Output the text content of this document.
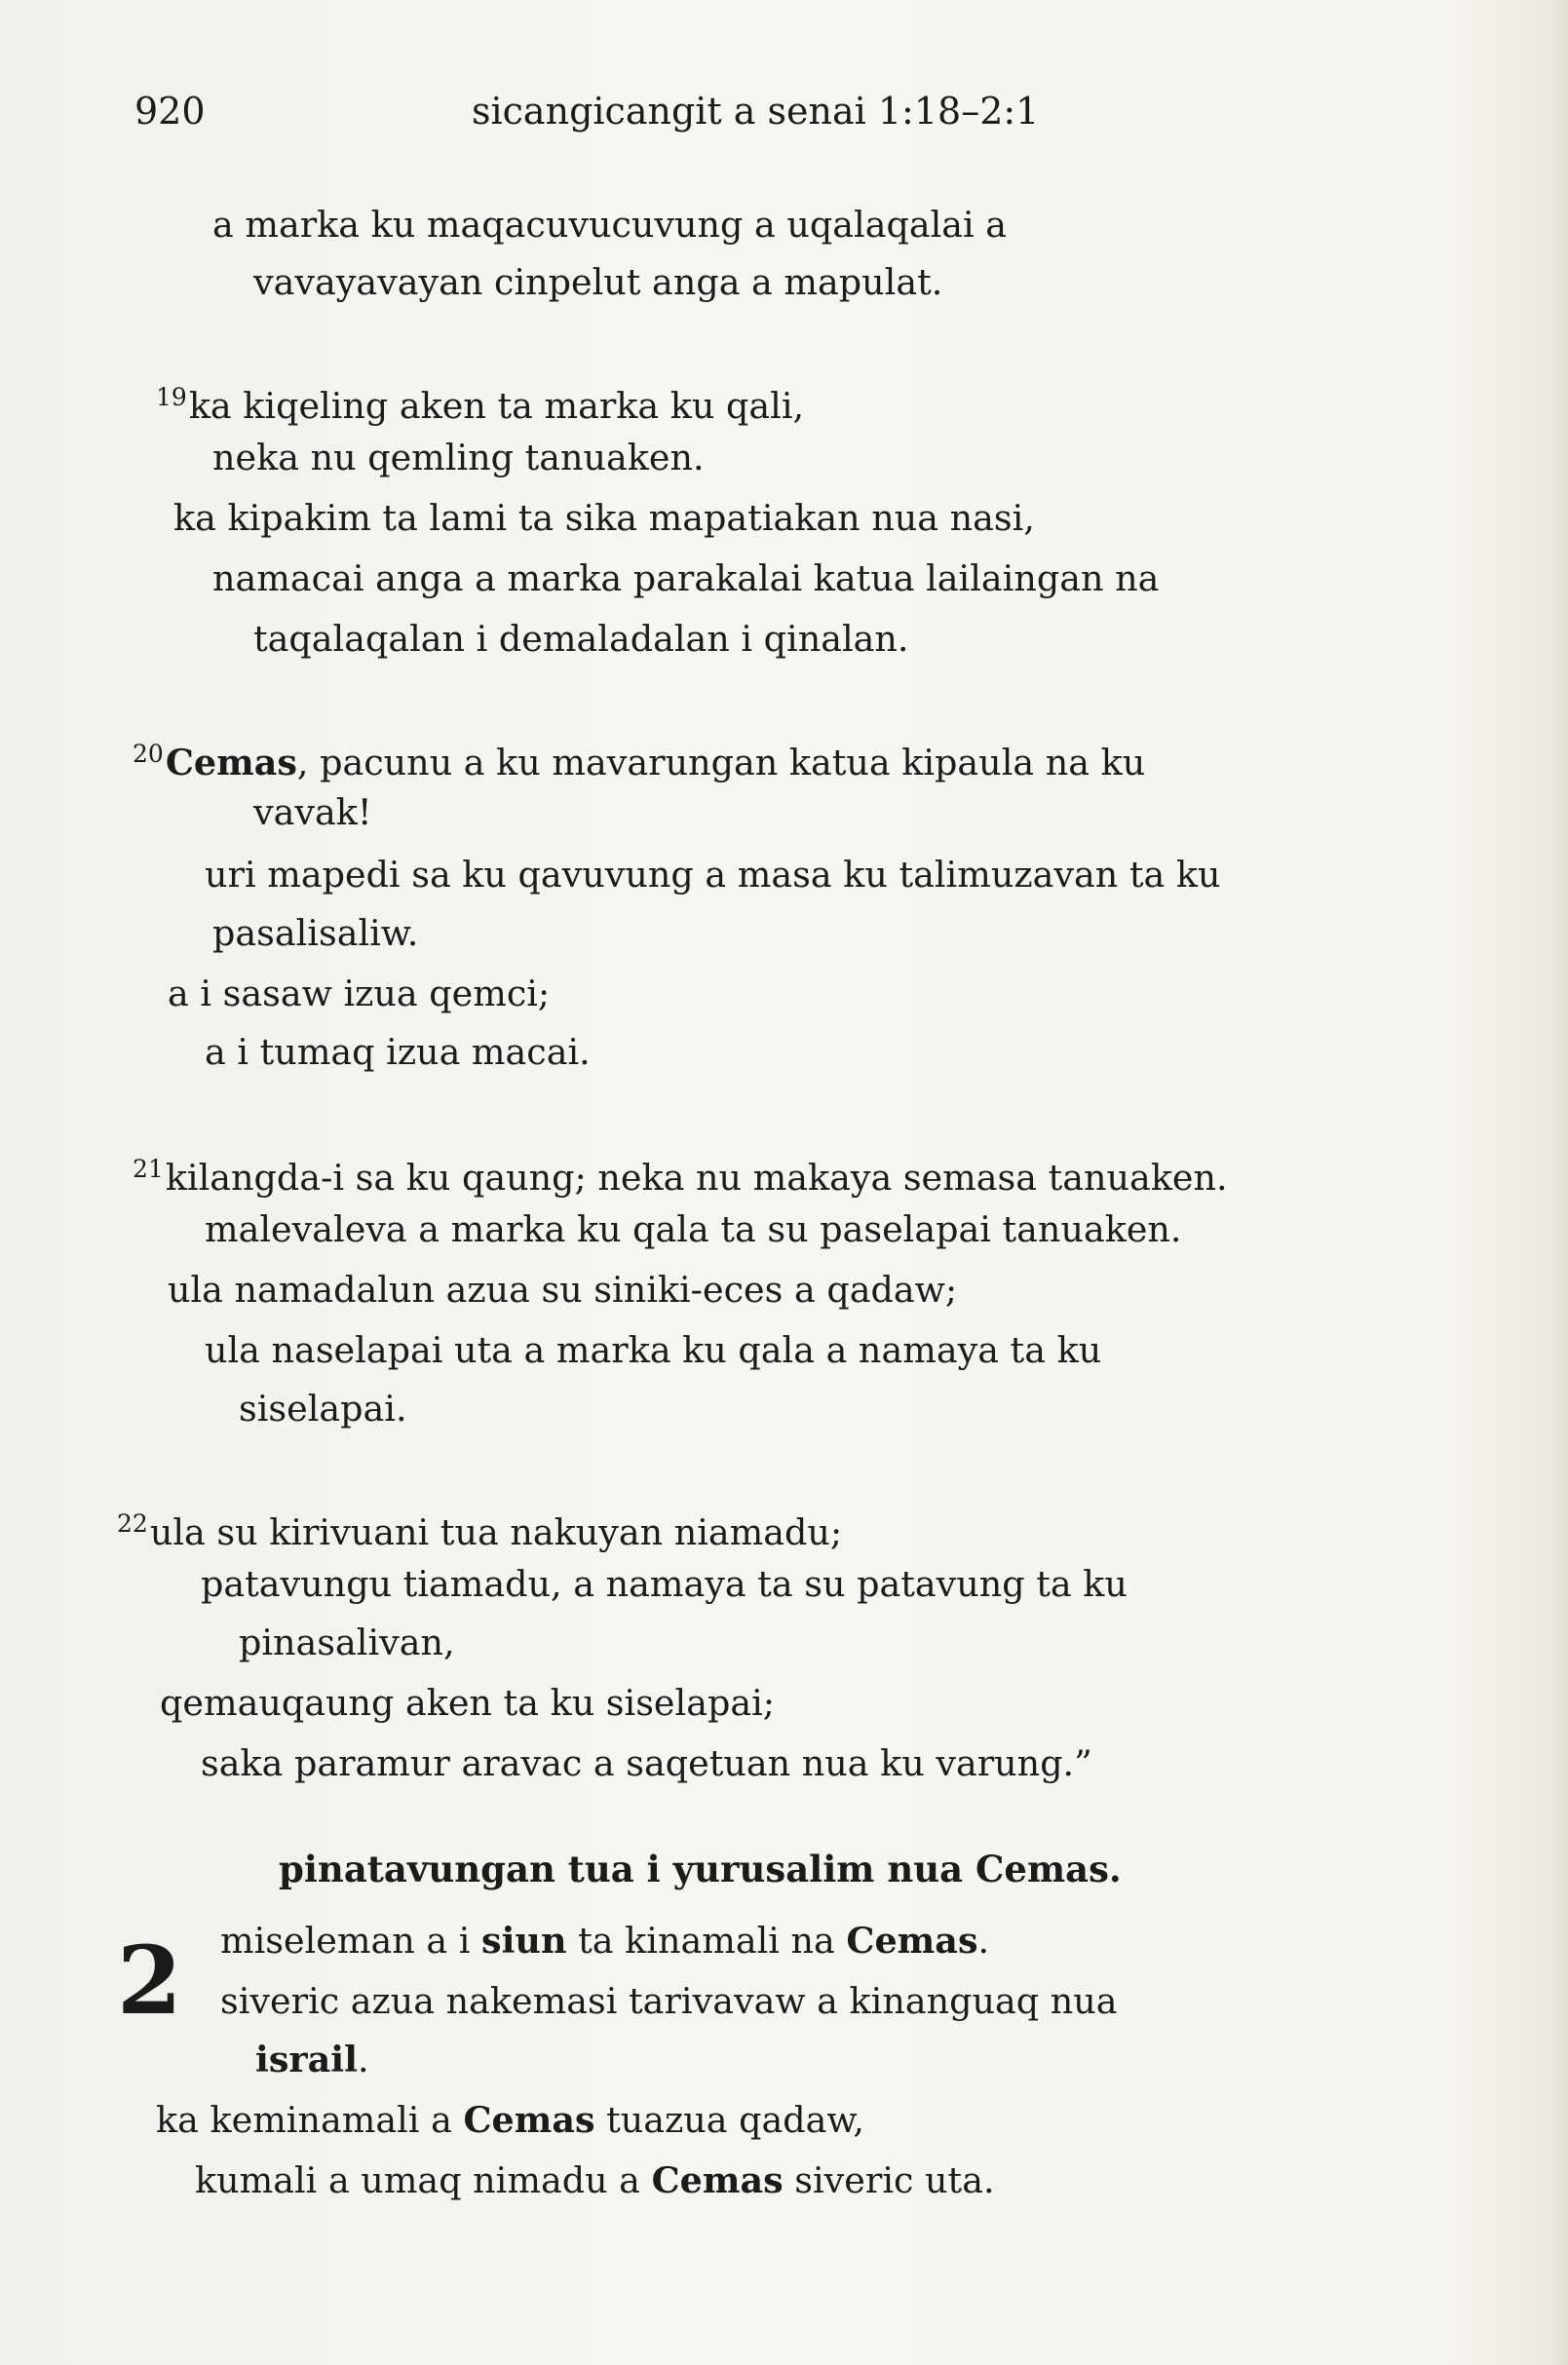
920	sicangicangit a senai 1:18–2:1
a marka ku maqacuvucuvung a uqalaqalai a
vavayavayan cinpelut anga a mapulat.
$^{19}$ka kiqeling aken ta marka ku qali,
neka nu qemling tanuaken.
ka kipakim ta lami ta sika mapatiakan nua nasi,
namacai anga a marka parakalai katua lailaingan na
taqalaqalan i demaladalan i qinalan.
$^{20}$Cemas, pacunu a ku mavarungan katua kipaula na ku
vavak!
uri mapedi sa ku qavuvung a masa ku talimuzavan ta ku
pasalisaliw.
a i sasaw izua qemci;
a i tumaq izua macai.
$^{21}$kilangda-i sa ku qaung; neka nu makaya semasa tanuaken.
malevaleva a marka ku qala ta su paselapai tanuaken.
ula namadalun azua su siniki-eces a qadaw;
ula naselapai uta a marka ku qala a namaya ta ku
siselapai.
$^{22}$ula su kirivuani tua nakuyan niamadu;
patavungu tiamadu, a namaya ta su patavung ta ku
pinasalivan,
qemauqaung aken ta ku siselapai;
saka paramur aravac a saqetuan nua ku varung.”
pinatavungan tua i yurusalim nua Cemas.
2 miseleman a i siun ta kinamali na Cemas.
siveric azua nakemasi tarivavaw a kinanguaq nua
israil.
ka keminamali a Cemas tuazua qadaw,
kumali a umaq nimadu a Cemas siveric uta.
